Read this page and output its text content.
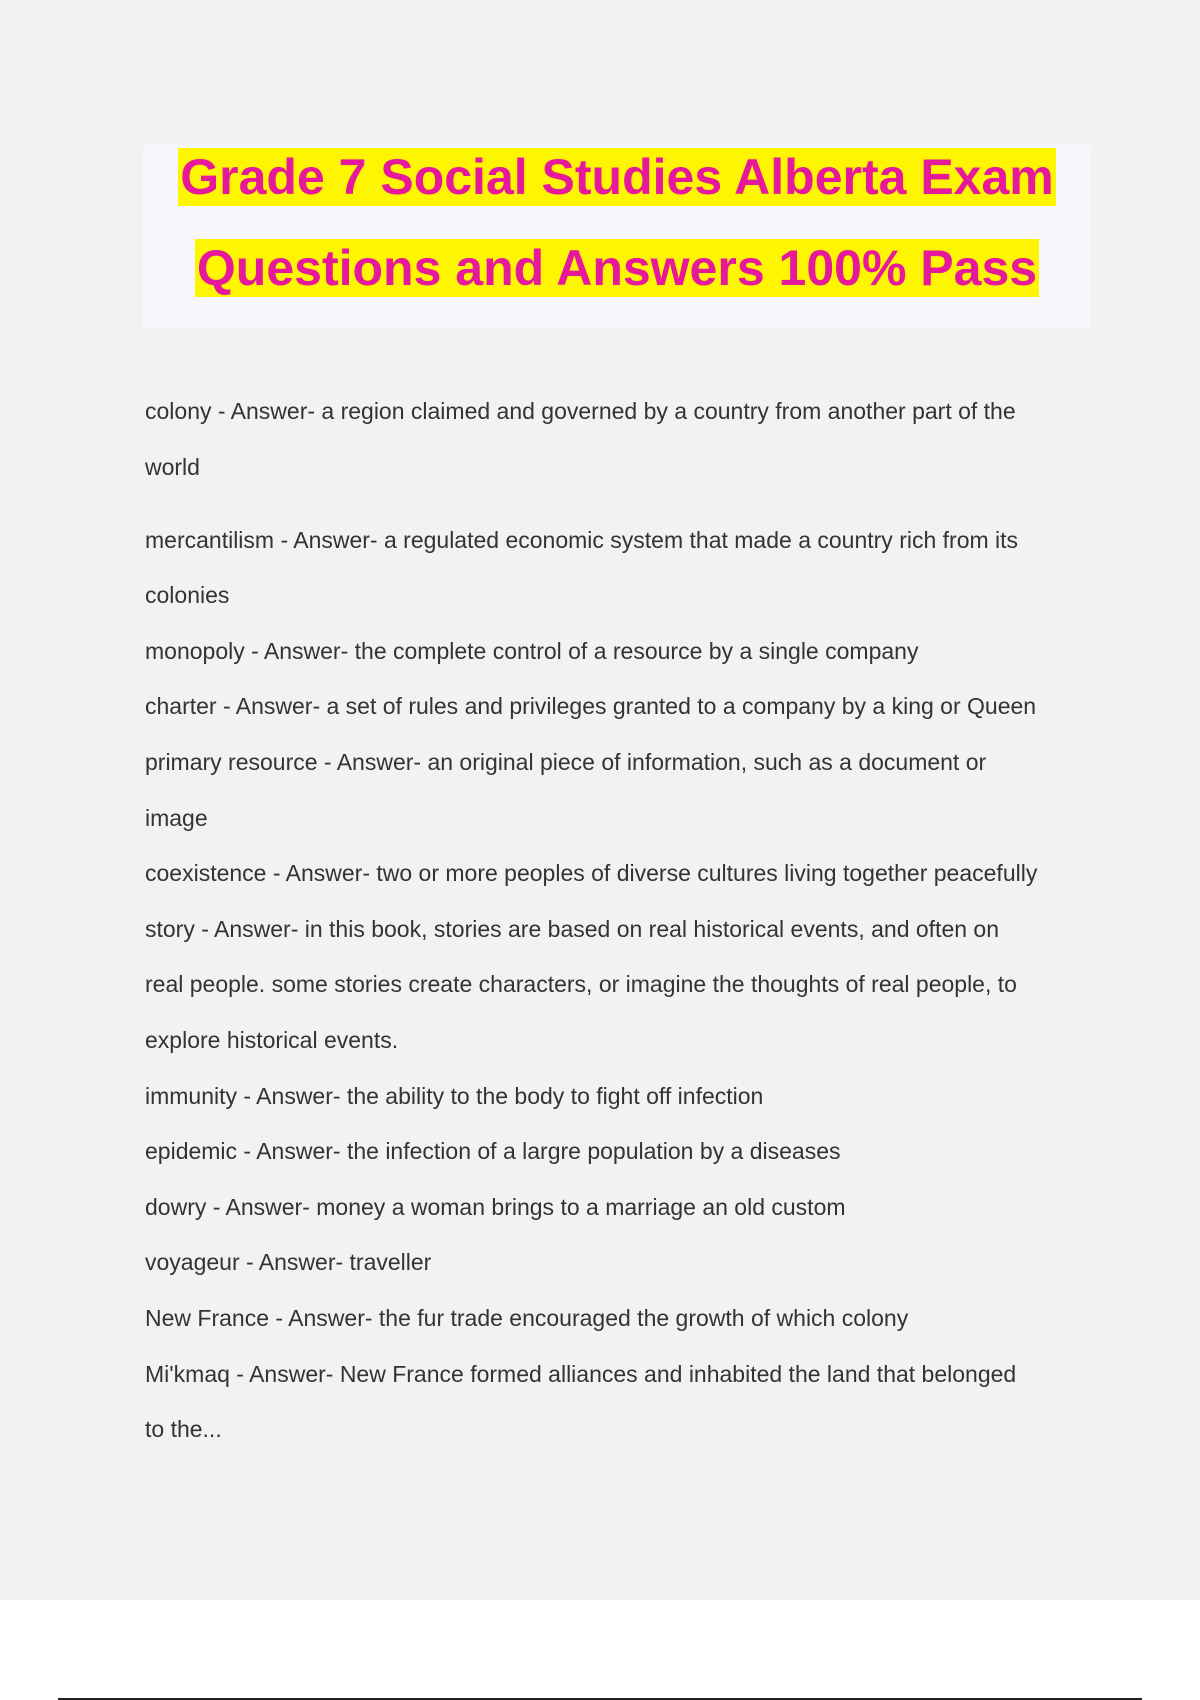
Grade 7 Social Studies Alberta Exam
Questions and Answers 100% Pass
colony - Answer- a region claimed and governed by a country from another part of the
world
mercantilism - Answer- a regulated economic system that made a country rich from its
colonies
monopoly - Answer- the complete control of a resource by a single company
charter - Answer- a set of rules and privileges granted to a company by a king or Queen
primary resource - Answer- an original piece of information, such as a document or
image
coexistence - Answer- two or more peoples of diverse cultures living together peacefully
story - Answer- in this book, stories are based on real historical events, and often on
real people. some stories create characters, or imagine the thoughts of real people, to
explore historical events.
immunity - Answer- the ability to the body to fight off infection
epidemic - Answer- the infection of a largre population by a diseases
dowry - Answer- money a woman brings to a marriage an old custom
voyageur - Answer- traveller
New France - Answer- the fur trade encouraged the growth of which colony
Mi'kmaq - Answer- New France formed alliances and inhabited the land that belonged
to the...
